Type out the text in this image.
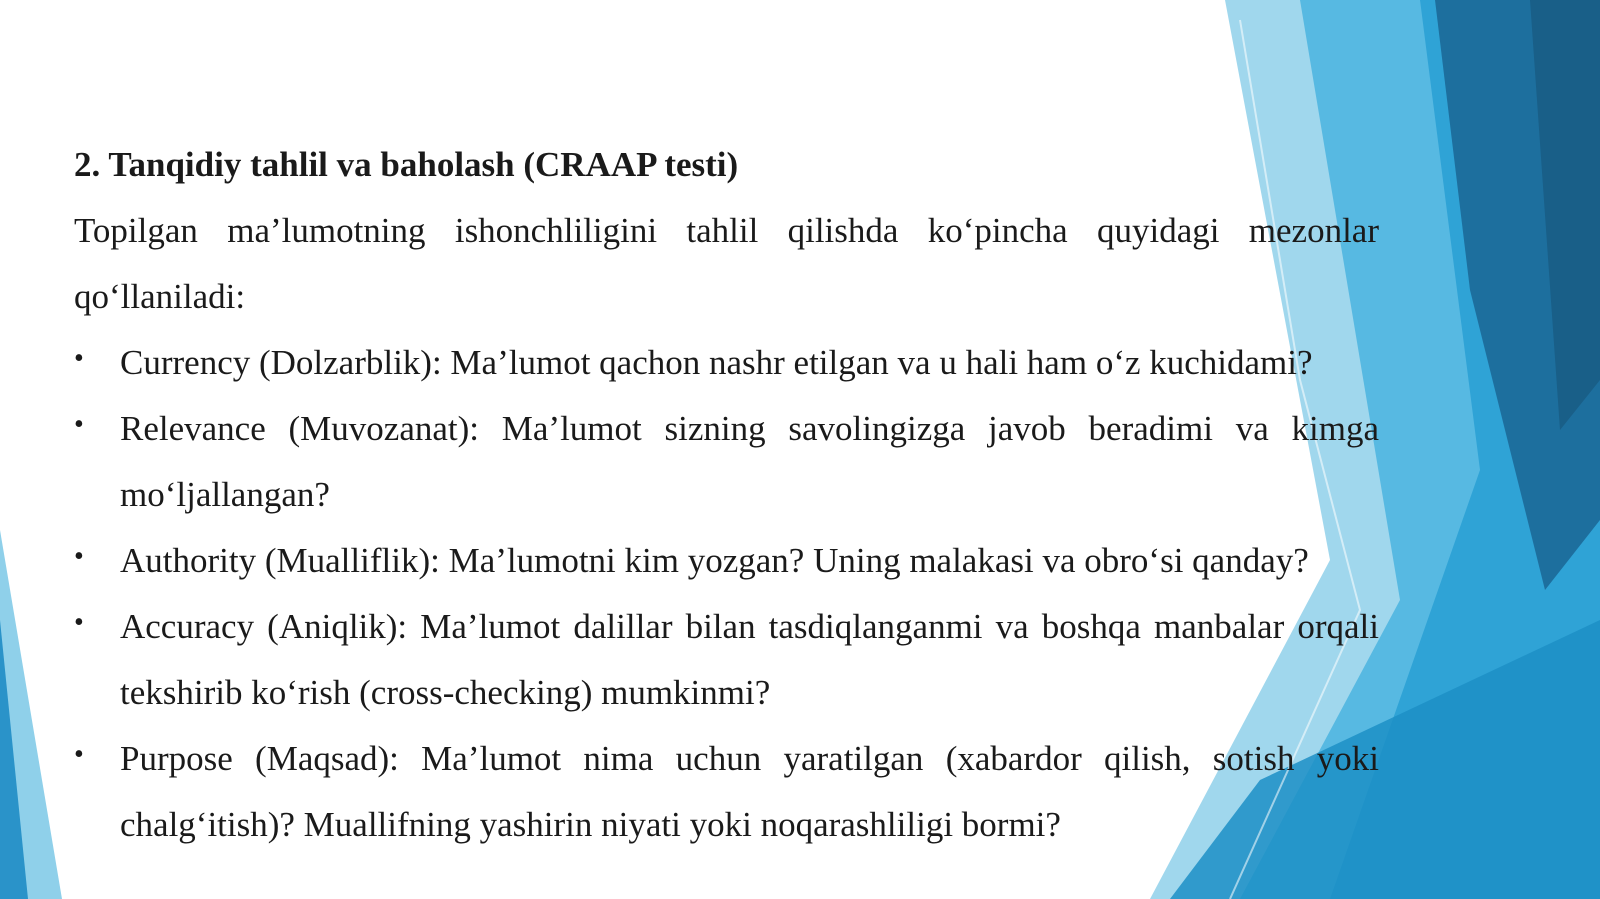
2. Tanqidiy tahlil va baholash (CRAAP testi)

Topilgan ma’lumotning ishonchliligini tahlil qilishda ko‘pincha quyidagi mezonlar qo‘llaniladi:

• Currency (Dolzarblik): Ma’lumot qachon nashr etilgan va u hali ham o‘z kuchidami?
• Relevance (Muvozanat): Ma’lumot sizning savolingizga javob beradimi va kimga mo‘ljallangan?
• Authority (Mualliflik): Ma’lumotni kim yozgan? Uning malakasi va obro‘si qanday?
• Accuracy (Aniqlik): Ma’lumot dalillar bilan tasdiqlanganmi va boshqa manbalar orqali tekshirib ko‘rish (cross-checking) mumkinmi?
• Purpose (Maqsad): Ma’lumot nima uchun yaratilgan (xabardor qilish, sotish yoki chalg‘itish)? Muallifning yashirin niyati yoki noqarashliligi bormi?
